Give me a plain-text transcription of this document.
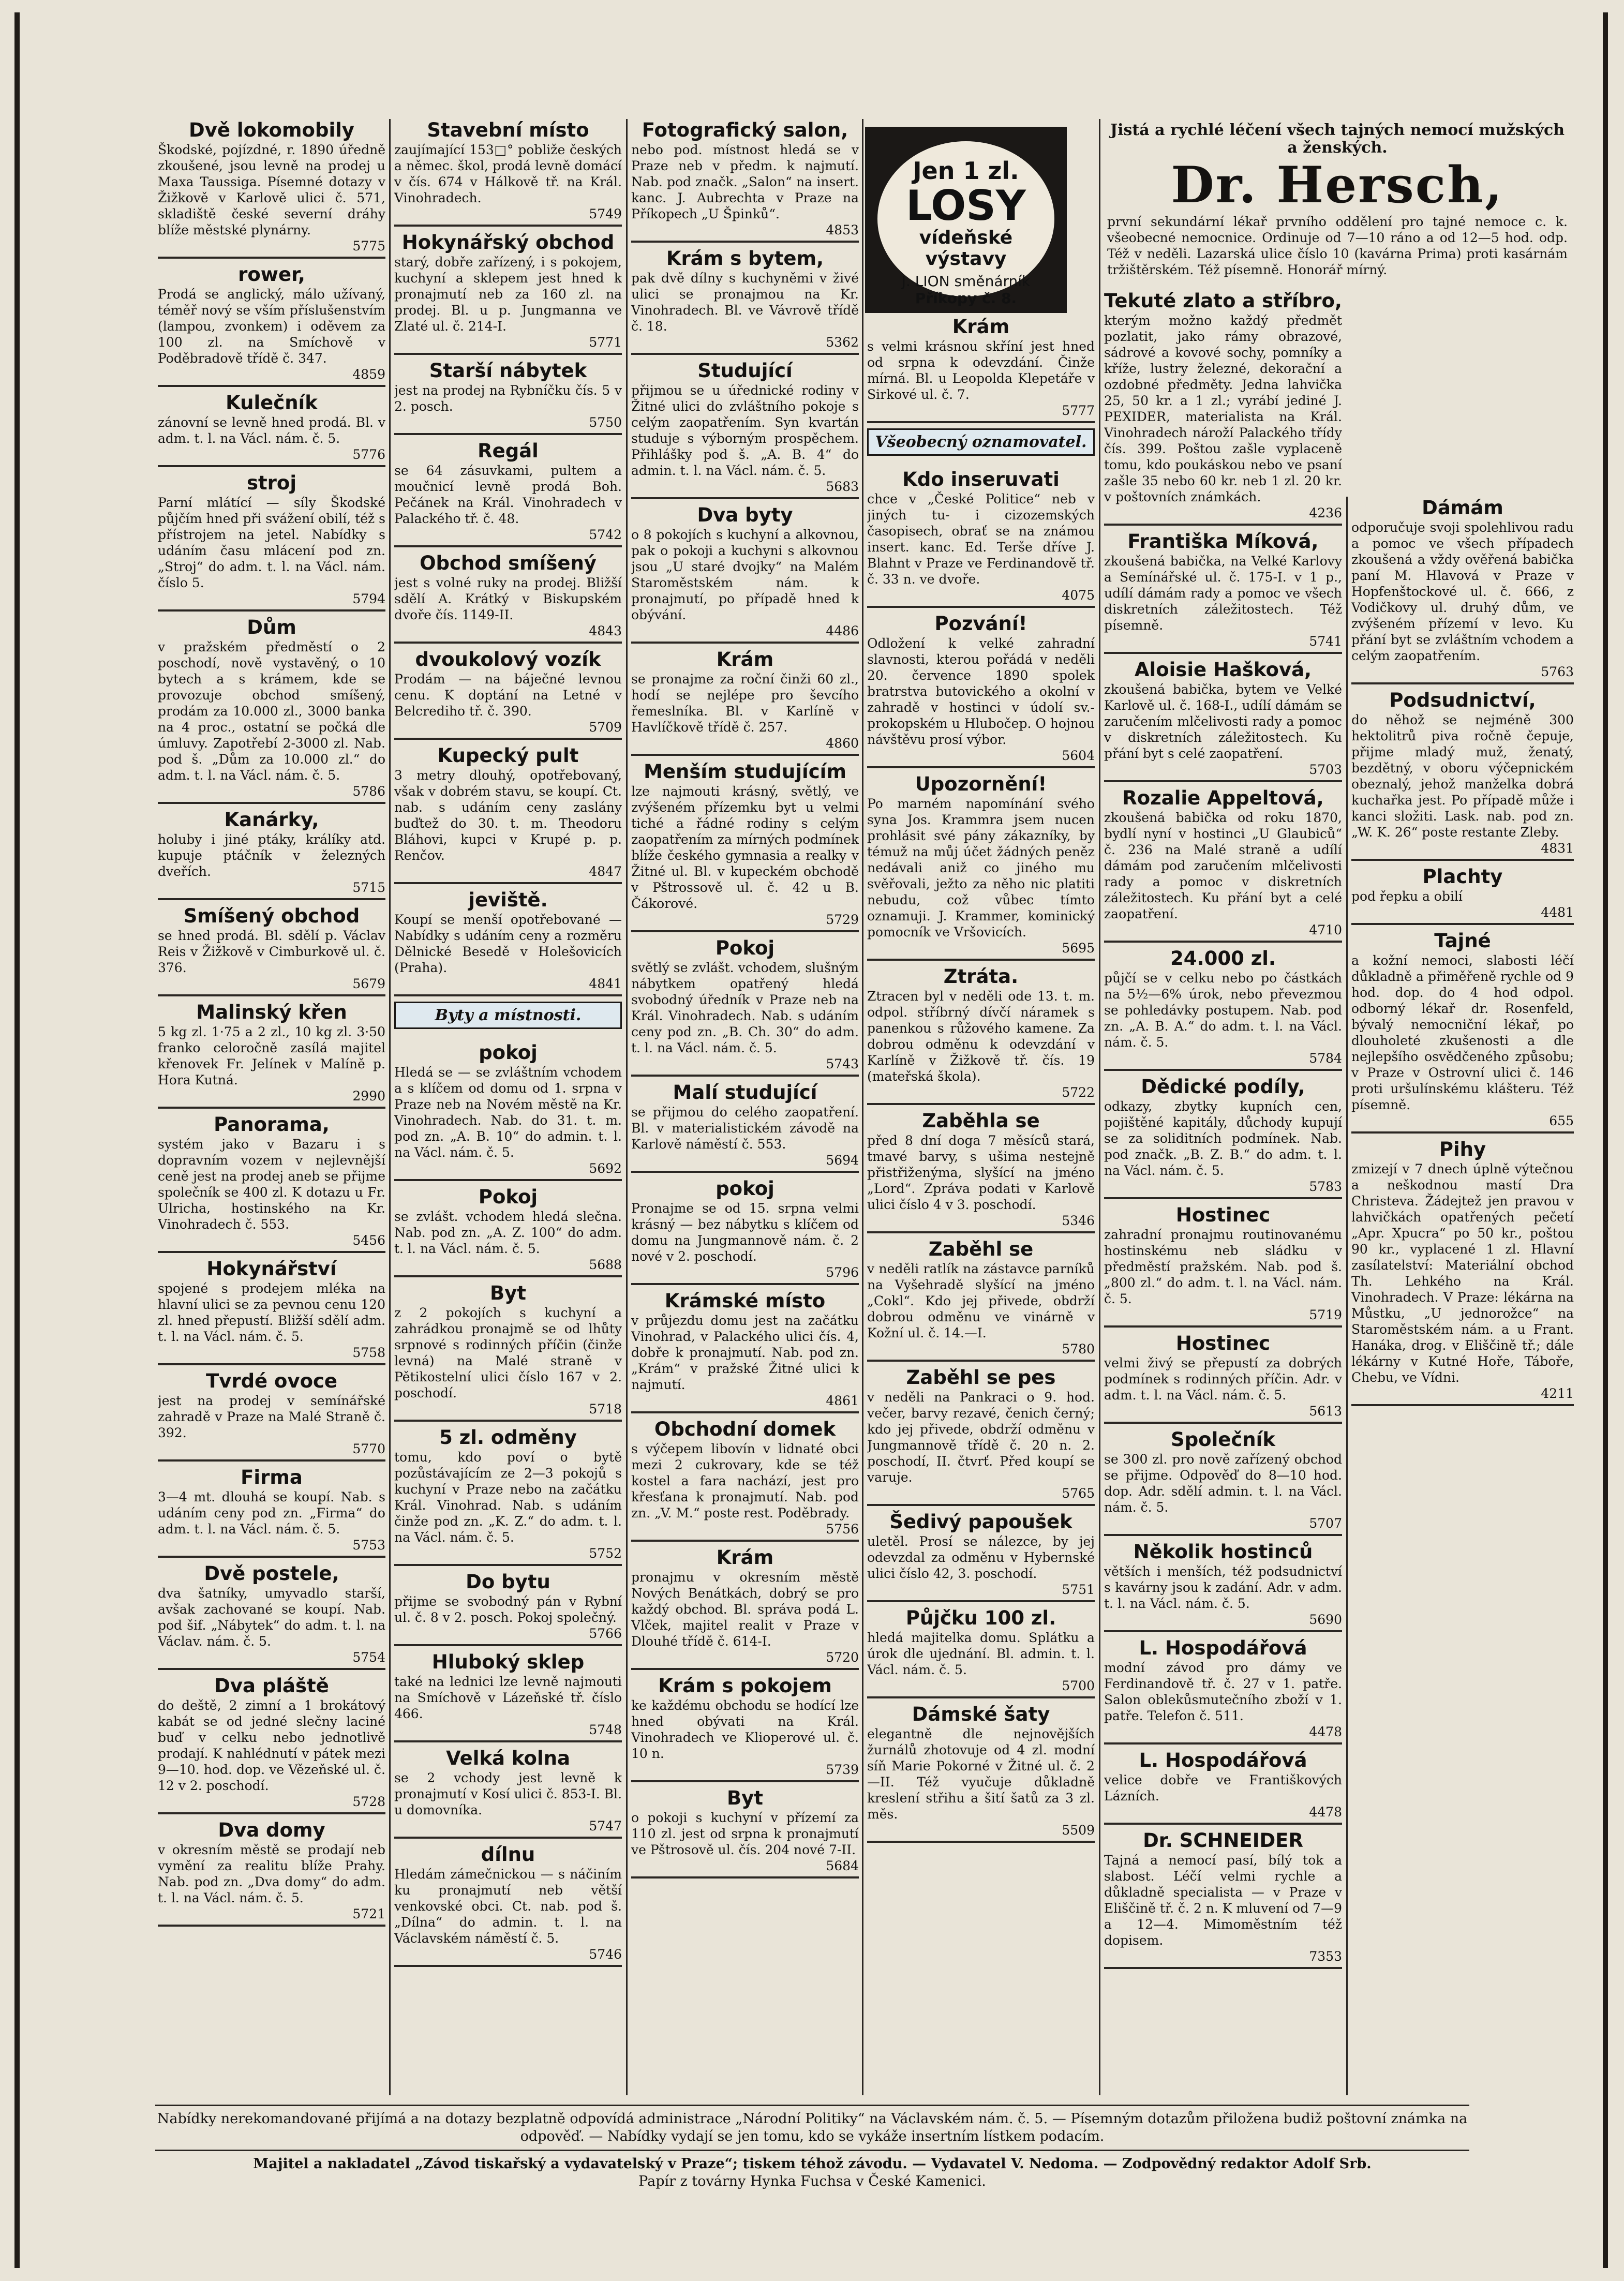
Dvě lokomobily
Škodské, pojízdné, r. 1890 úředně zkoušené, jsou levně na prodej u Maxa Taussiga. Písemné dotazy v Žižkově v Karlově ulici č. 571, skladiště české severní dráhy blíže městské plynárny.
5775
rower,
Prodá se anglický, málo užívaný, téměř nový se vším příslušenstvím (lampou, zvonkem) i oděvem za 100 zl. na Smíchově v Poděbradově třídě č. 347.
4859
Kulečník
zánovní se levně hned prodá. Bl. v adm. t. l. na Václ. nám. č. 5.
5776
stroj
Parní mlátící — síly Škodské půjčím hned při svážení obilí, též s přístrojem na jetel. Nabídky s udáním času mlácení pod zn. „Stroj“ do adm. t. l. na Václ. nám. číslo 5.
5794
Dům
v pražském předměstí o 2 poschodí, nově vystavěný, o 10 bytech a s krámem, kde se provozuje obchod smíšený, prodám za 10.000 zl., 3000 banka na 4 proc., ostatní se počká dle úmluvy. Zapotřebí 2-3000 zl. Nab. pod š. „Dům za 10.000 zl.“ do adm. t. l. na Václ. nám. č. 5.
5786
Kanárky,
holuby i jiné ptáky, králíky atd. kupuje ptáčník v železných dveřích.
5715
Smíšený obchod
se hned prodá. Bl. sdělí p. Václav Reis v Žižkově v Cimburkově ul. č. 376.
5679
Malinský křen
5 kg zl. 1·75 a 2 zl., 10 kg zl. 3·50 franko celoročně zasílá majitel křenovek Fr. Jelínek v Malíně p. Hora Kutná.
2990
Panorama,
systém jako v Bazaru i s dopravním vozem v nejlevnější ceně jest na prodej aneb se přijme společník se 400 zl. K dotazu u Fr. Ulricha, hostinského na Kr. Vinohradech č. 553.
5456
Hokynářství
spojené s prodejem mléka na hlavní ulici se za pevnou cenu 120 zl. hned přepustí. Bližší sdělí adm. t. l. na Václ. nám. č. 5.
5758
Tvrdé ovoce
jest na prodej v semínářské zahradě v Praze na Malé Straně č. 392.
5770
Firma
3—4 mt. dlouhá se koupí. Nab. s udáním ceny pod zn. „Firma“ do adm. t. l. na Václ. nám. č. 5.
5753
Dvě postele,
dva šatníky, umyvadlo starší, avšak zachované se koupí. Nab. pod šif. „Nábytek“ do adm. t. l. na Václav. nám. č. 5.
5754
Dva pláště
do deště, 2 zimní a 1 brokátový kabát se od jedné slečny laciné buď v celku nebo jednotlivě prodají. K nahlédnutí v pátek mezi 9—10. hod. dop. ve Vězeňské ul. č. 12 v 2. poschodí.
5728
Dva domy
v okresním městě se prodají neb vymění za realitu blíže Prahy. Nab. pod zn. „Dva domy“ do adm. t. l. na Václ. nám. č. 5.
5721
Stavební místo
zaujímající 153□° pobliže českých a němec. škol, prodá levně domácí v čís. 674 v Hálkově tř. na Král. Vinohradech.
5749
Hokynářský obchod
starý, dobře zařízený, i s pokojem, kuchyní a sklepem jest hned k pronajmutí neb za 160 zl. na prodej. Bl. u p. Jungmanna ve Zlaté ul. č. 214-I.
5771
Starší nábytek
jest na prodej na Rybníčku čís. 5 v 2. posch.
5750
Regál
se 64 zásuvkami, pultem a moučnicí levně prodá Boh. Pečánek na Král. Vinohradech v Palackého tř. č. 48.
5742
Obchod smíšený
jest s volné ruky na prodej. Bližší sdělí A. Krátký v Biskupském dvoře čís. 1149-II.
4843
dvoukolový vozík
Prodám — na báječné levnou cenu. K doptání na Letné v Belcrediho tř. č. 390.
5709
Kupecký pult
3 metry dlouhý, opotřebovaný, však v dobrém stavu, se koupí. Ct. nab. s udáním ceny zaslány buďtež do 30. t. m. Theodoru Bláhovi, kupci v Krupé p. p. Renčov.
4847
jeviště.
Koupí se menší opotřebované — Nabídky s udáním ceny a rozměru Dělnické Besedě v Holešovicích (Praha).
4841
Byty a místnosti.
pokoj
Hledá se — se zvláštním vchodem a s klíčem od domu od 1. srpna v Praze neb na Novém městě na Kr. Vinohradech. Nab. do 31. t. m. pod zn. „A. B. 10“ do admin. t. l. na Václ. nám. č. 5.
5692
Pokoj
se zvlášt. vchodem hledá slečna. Nab. pod zn. „A. Z. 100“ do adm. t. l. na Václ. nám. č. 5.
5688
Byt
z 2 pokojích s kuchyní a zahrádkou pronajmě se od lhůty srpnové s rodinných příčin (činže levná) na Malé straně v Pětikostelní ulici číslo 167 v 2. poschodí.
5718
5 zl. odměny
tomu, kdo poví o bytě pozůstávajícím ze 2—3 pokojů s kuchyní v Praze nebo na začátku Král. Vinohrad. Nab. s udáním činže pod zn. „K. Z.“ do adm. t. l. na Václ. nám. č. 5.
5752
Do bytu
přijme se svobodný pán v Rybní ul. č. 8 v 2. posch. Pokoj společný.
5766
Hluboký sklep
také na lednici lze levně najmouti na Smíchově v Lázeňské tř. číslo 466.
5748
Velká kolna
se 2 vchody jest levně k pronajmutí v Kosí ulici č. 853-I. Bl. u domovníka.
5747
dílnu
Hledám zámečnickou — s náčiním ku pronajmutí neb větší venkovské obci. Ct. nab. pod š. „Dílna“ do admin. t. l. na Václavském náměstí č. 5.
5746
Fotografický salon,
nebo pod. místnost hledá se v Praze neb v předm. k najmutí. Nab. pod značk. „Salon“ na insert. kanc. J. Aubrechta v Praze na Příkopech „U Špinků“.
4853
Krám s bytem,
pak dvě dílny s kuchyněmi v živé ulici se pronajmou na Kr. Vinohradech. Bl. ve Vávrově třídě č. 18.
5362
Studující
přijmou se u úřednické rodiny v Žitné ulici do zvláštního pokoje s celým zaopatřením. Syn kvartán studuje s výborným prospěchem. Přihlášky pod š. „A. B. 4“ do admin. t. l. na Václ. nám. č. 5.
5683
Dva byty
o 8 pokojích s kuchyní a alkovnou, pak o pokoji a kuchyni s alkovnou jsou „U staré dvojky“ na Malém Staroměstském nám. k pronajmutí, po případě hned k obývání.
4486
Krám
se pronajme za roční činži 60 zl., hodí se nejlépe pro ševcího řemeslníka. Bl. v Karlíně v Havlíčkově třídě č. 257.
4860
Menším studujícím
lze najmouti krásný, světlý, ve zvýšeném přízemku byt u velmi tiché a řádné rodiny s celým zaopatřením za mírných podmínek blíže českého gymnasia a realky v Žitné ul. Bl. v kupeckém obchodě v Pštrossově ul. č. 42 u B. Čákorové.
5729
Pokoj
světlý se zvlášt. vchodem, slušným nábytkem opatřený hledá svobodný úředník v Praze neb na Král. Vinohradech. Nab. s udáním ceny pod zn. „B. Ch. 30“ do adm. t. l. na Václ. nám. č. 5.
5743
Malí studující
se přijmou do celého zaopatření. Bl. v materialistickém závodě na Karlově náměstí č. 553.
5694
pokoj
Pronajme se od 15. srpna velmi krásný — bez nábytku s klíčem od domu na Jungmannově nám. č. 2 nové v 2. poschodí.
5796
Krámské místo
v průjezdu domu jest na začátku Vinohrad, v Palackého ulici čís. 4, dobře k pronajmutí. Nab. pod zn. „Krám“ v pražské Žitné ulici k najmutí.
4861
Obchodní domek
s výčepem libovín v lidnaté obci mezi 2 cukrovary, kde se též kostel a fara nachází, jest pro křesťana k pronajmutí. Nab. pod zn. „V. M.“ poste rest. Poděbrady.
5756
Krám
pronajmu v okresním městě Nových Benátkách, dobrý se pro každý obchod. Bl. správa podá L. Vlček, majitel realit v Praze v Dlouhé třídě č. 614-I.
5720
Krám s pokojem
ke každému obchodu se hodící lze hned obývati na Král. Vinohradech ve Klioperové ul. č. 10 n.
5739
Byt
o pokoji s kuchyní v přízemí za 110 zl. jest od srpna k pronajmutí ve Pštrosově ul. čís. 204 nové 7-II.
5684
Jen 1 zl.
LOSY
vídeňské výstavy
J. LION směnárník
Příkopy č. 8.
Krám
s velmi krásnou skříní jest hned od srpna k odevzdání. Činže mírná. Bl. u Leopolda Klepetáře v Sirkové ul. č. 7.
5777
Všeobecný oznamovatel.
Kdo inseruvati
chce v „České Politice“ neb v jiných tu- i cizozemských časopisech, obrať se na známou insert. kanc. Ed. Terše dříve J. Blahnt v Praze ve Ferdinandově tř. č. 33 n. ve dvoře.
4075
Pozvání!
Odložení k velké zahradní slavnosti, kterou pořádá v neděli 20. července 1890 spolek bratrstva butovického a okolní v zahradě v hostinci v údolí sv.-prokopském u Hlubočep. O hojnou návštěvu prosí výbor.
5604
Upozornění!
Po marném napomínání svého syna Jos. Krammra jsem nucen prohlásit své pány zákazníky, by témuž na můj účet žádných peněz nedávali aniž co jiného mu svěřovali, ježto za něho nic platiti nebudu, což vůbec tímto oznamuji. J. Krammer, kominický pomocník ve Vršovicích.
5695
Ztráta.
Ztracen byl v neděli ode 13. t. m. odpol. stříbrný dívčí náramek s panenkou s růžového kamene. Za dobrou odměnu k odevzdání v Karlíně v Žižkově tř. čís. 19 (mateřská škola).
5722
Zaběhla se
před 8 dní doga 7 měsíců stará, tmavé barvy, s ušima nestejně přistřiženýma, slyšící na jméno „Lord“. Zpráva podati v Karlově ulici číslo 4 v 3. poschodí.
5346
Zaběhl se
v neděli ratlík na zástavce parníků na Vyšehradě slyšící na jméno „Cokl“. Kdo jej přivede, obdrží dobrou odměnu ve vinárně v Kožní ul. č. 14.—I.
5780
Zaběhl se pes
v neděli na Pankraci o 9. hod. večer, barvy rezavé, čenich černý; kdo jej přivede, obdrží odměnu v Jungmannově třídě č. 20 n. 2. poschodí, II. čtvrť. Před koupí se varuje.
5765
Šedivý papoušek
uletěl. Prosí se nálezce, by jej odevzdal za odměnu v Hybernské ulici číslo 42, 3. poschodí.
5751
Půjčku 100 zl.
hledá majitelka domu. Splátku a úrok dle ujednání. Bl. admin. t. l. Václ. nám. č. 5.
5700
Dámské šaty
elegantně dle nejnovějších žurnálů zhotovuje od 4 zl. modní síň Marie Pokorné v Žitné ul. č. 2—II. Též vyučuje důkladně kreslení střihu a šití šatů za 3 zl. měs.
5509
Jistá a rychlé léčení všech tajných nemocí mužských a ženských.
Dr. Hersch,
první sekundární lékař prvního oddělení pro tajné nemoce c. k. všeobecné nemocnice. Ordinuje od 7—10 ráno a od 12—5 hod. odp. Též v neděli. Lazarská ulice číslo 10 (kavárna Prima) proti kasárnám tržištěrském. Též písemně. Honorář mírný.
Tekuté zlato a stříbro,
kterým možno každý předmět pozlatit, jako rámy obrazové, sádrové a kovové sochy, pomníky a kříže, lustry železné, dekorační a ozdobné předměty. Jedna lahvička 25, 50 kr. a 1 zl.; vyrábí jediné J. PEXIDER, materialista na Král. Vinohradech nároží Palackého třídy čís. 399. Poštou zašle vyplaceně tomu, kdo poukáskou nebo ve psaní zašle 35 nebo 60 kr. neb 1 zl. 20 kr. v poštovních známkách.
4236
Františka Míková,
zkoušená babička, na Velké Karlovy a Semínářské ul. č. 175-I. v 1 p., udílí dámám rady a pomoc ve všech diskretních záležitostech. Též písemně.
5741
Aloisie Hašková,
zkoušená babička, bytem ve Velké Karlově ul. č. 168-I., udílí dámám se zaručením mlčelivosti rady a pomoc v diskretních záležitostech. Ku přání byt s celé zaopatření.
5703
Rozalie Appeltová,
zkoušená babička od roku 1870, bydlí nyní v hostinci „U Glaubiců“ č. 236 na Malé straně a udílí dámám pod zaručením mlčelivosti rady a pomoc v diskretních záležitostech. Ku přání byt a celé zaopatření.
4710
24.000 zl.
půjčí se v celku nebo po částkách na 5½—6% úrok, nebo převezmou se pohledávky postupem. Nab. pod zn. „A. B. A.“ do adm. t. l. na Václ. nám. č. 5.
5784
Dědické podíly,
odkazy, zbytky kupních cen, pojištěné kapitály, důchody kupují se za soliditních podmínek. Nab. pod značk. „B. Z. B.“ do adm. t. l. na Václ. nám. č. 5.
5783
Hostinec
zahradní pronajmu routinovanému hostinskému neb sládku v předměstí pražském. Nab. pod š. „800 zl.“ do adm. t. l. na Václ. nám. č. 5.
5719
Hostinec
velmi živý se přepustí za dobrých podmínek s rodinných příčin. Adr. v adm. t. l. na Václ. nám. č. 5.
5613
Společník
se 300 zl. pro nově zařízený obchod se přijme. Odpověď do 8—10 hod. dop. Adr. sdělí admin. t. l. na Václ. nám. č. 5.
5707
Několik hostinců
větších i menších, též podsudnictví s kavárny jsou k zadání. Adr. v adm. t. l. na Václ. nám. č. 5.
5690
L. Hospodářová
modní závod pro dámy ve Ferdinandově tř. č. 27 v 1. patře. Salon oblekůsmutečního zboží v 1. patře. Telefon č. 511.
4478
L. Hospodářová
velice dobře ve Františkových Lázních.
4478
Dr. SCHNEIDER
Tajná a nemocí pasí, bílý tok a slabost. Léčí velmi rychle a důkladně specialista — v Praze v Eliščině tř. č. 2 n. K mluvení od 7—9 a 12—4. Mimoměstním též dopisem.
7353
Dámám
odporučuje svoji spolehlivou radu a pomoc ve všech případech zkoušená a vždy ověřená babička paní M. Hlavová v Praze v Hopfenštockové ul. č. 666, z Vodičkovy ul. druhý dům, ve zvýšeném přízemí v levo. Ku přání byt se zvláštním vchodem a celým zaopatřením.
5763
Podsudnictví,
do něhož se nejméně 300 hektolitrů piva ročně čepuje, přijme mladý muž, ženatý, bezdětný, v oboru výčepnickém obeznalý, jehož manželka dobrá kuchařka jest. Po případě může i kanci složiti. Lask. nab. pod zn. „W. K. 26“ poste restante Zleby.
4831
Plachty
pod řepku a obilí
4481
Tajné
a kožní nemoci, slabosti léčí důkladně a přiměřeně rychle od 9 hod. dop. do 4 hod odpol. odborný lékař dr. Rosenfeld, bývalý nemocniční lékař, po dlouholeté zkušenosti a dle nejlepšího osvědčeného způsobu; v Praze v Ostrovní ulici č. 146 proti uršulínskému klášteru. Též písemně.
655
Pihy
zmizejí v 7 dnech úplně výtečnou a neškodnou mastí Dra Christeva. Žádejtež jen pravou v lahvičkách opatřených pečetí „Apr. Xpucra“ po 50 kr., poštou 90 kr., vyplacené 1 zl. Hlavní zasílatelství: Materiální obchod Th. Lehkého na Král. Vinohradech. V Praze: lékárna na Můstku, „U jednorožce“ na Staroměstském nám. a u Frant. Hanáka, drog. v Eliščině tř.; dále lékárny v Kutné Hoře, Táboře, Chebu, ve Vídni.
4211
Nabídky nerekomandované přijímá a na dotazy bezplatně odpovídá administrace „Národní Politiky“ na Václavském nám. č. 5. — Písemným dotazům přiložena budiž poštovní známka na odpověď. — Nabídky vydají se jen tomu, kdo se vykáže insertním lístkem podacím.
Majitel a nakladatel „Závod tiskařský a vydavatelský v Praze“; tiskem téhož závodu. — Vydavatel V. Nedoma. — Zodpovědný redaktor Adolf Srb.
Papír z továrny Hynka Fuchsa v České Kamenici.
